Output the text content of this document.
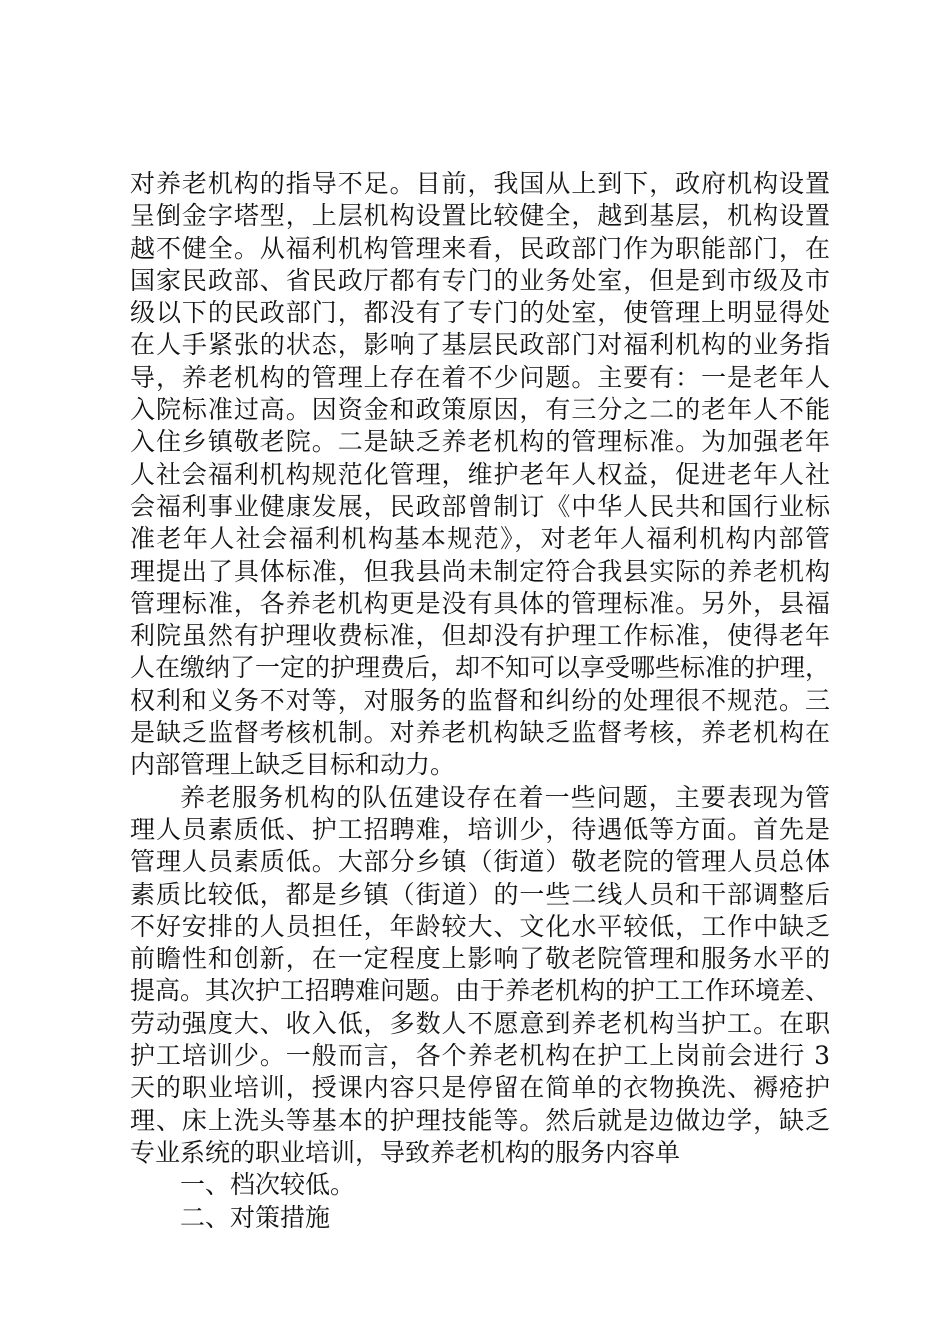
对养老机构的指导不足。目前，我国从上到下，政府机构设置
呈倒金字塔型，上层机构设置比较健全，越到基层，机构设置
越不健全。从福利机构管理来看，民政部门作为职能部门，在
国家民政部、省民政厅都有专门的业务处室，但是到市级及市
级以下的民政部门，都没有了专门的处室，使管理上明显得处
在人手紧张的状态，影响了基层民政部门对福利机构的业务指
导，养老机构的管理上存在着不少问题。主要有：一是老年人
入院标准过高。因资金和政策原因，有三分之二的老年人不能
入住乡镇敬老院。二是缺乏养老机构的管理标准。为加强老年
人社会福利机构规范化管理，维护老年人权益，促进老年人社
会福利事业健康发展，民政部曾制订《中华人民共和国行业标
准老年人社会福利机构基本规范》，对老年人福利机构内部管
理提出了具体标准，但我县尚未制定符合我县实际的养老机构
管理标准，各养老机构更是没有具体的管理标准。另外，县福
利院虽然有护理收费标准，但却没有护理工作标准，使得老年
人在缴纳了一定的护理费后，却不知可以享受哪些标准的护理，
权利和义务不对等，对服务的监督和纠纷的处理很不规范。三
是缺乏监督考核机制。对养老机构缺乏监督考核，养老机构在
内部管理上缺乏目标和动力。
养老服务机构的队伍建设存在着一些问题，主要表现为管
理人员素质低、护工招聘难，培训少，待遇低等方面。首先是
管理人员素质低。大部分乡镇（街道）敬老院的管理人员总体
素质比较低，都是乡镇（街道）的一些二线人员和干部调整后
不好安排的人员担任，年龄较大、文化水平较低，工作中缺乏
前瞻性和创新，在一定程度上影响了敬老院管理和服务水平的
提高。其次护工招聘难问题。由于养老机构的护工工作环境差、
劳动强度大、收入低，多数人不愿意到养老机构当护工。在职
护工培训少。一般而言，各个养老机构在护工上岗前会进行 3
天的职业培训，授课内容只是停留在简单的衣物换洗、褥疮护
理、床上洗头等基本的护理技能等。然后就是边做边学，缺乏
专业系统的职业培训，导致养老机构的服务内容单
一、档次较低。
二、对策措施
